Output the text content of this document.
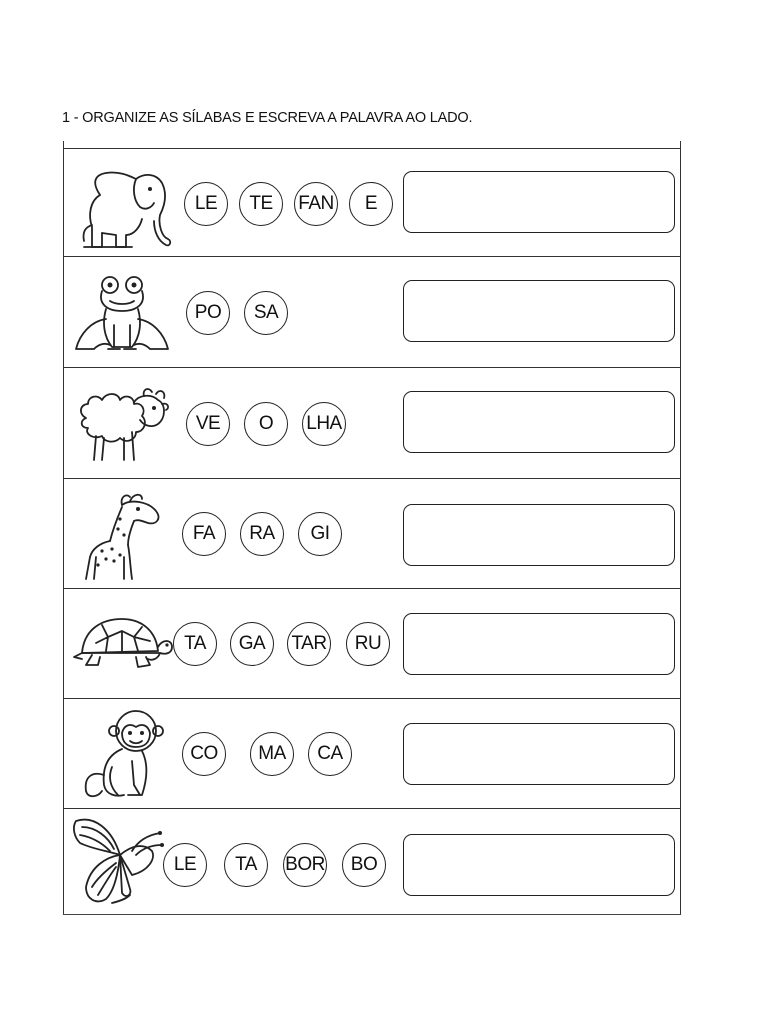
1 - ORGANIZE AS SÍLABAS E ESCREVA A PALAVRA AO LADO.
LE	TE	FAN	E
PO	SA
VE	O	LHA
FA	RA	GI
TA	GA	TAR	RU
CO	MA	CA
LE	TA	BOR	BO
